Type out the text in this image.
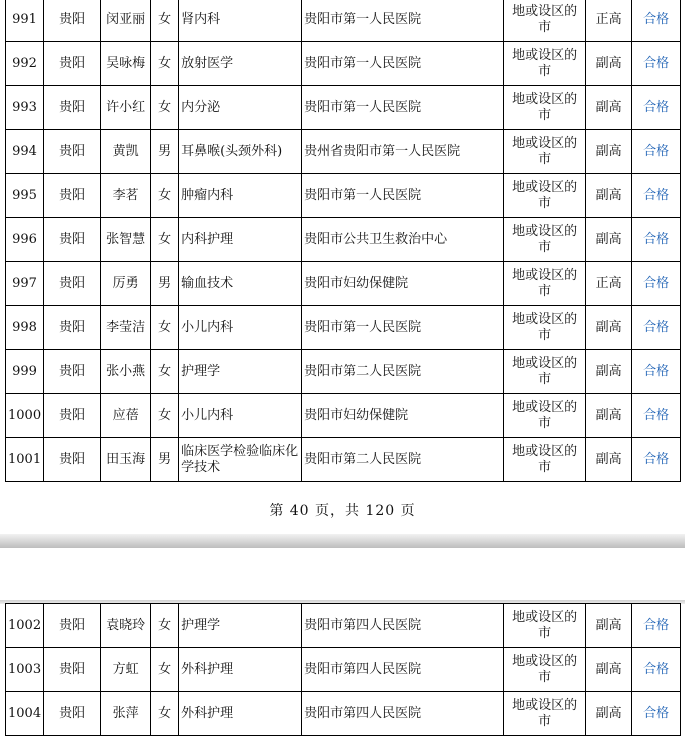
991	贵阳	闵亚丽	女	肾内科	贵阳市第一人民医院	地或设区的市	正高	合格
992	贵阳	吴咏梅	女	放射医学	贵阳市第一人民医院	地或设区的市	副高	合格
993	贵阳	许小红	女	内分泌	贵阳市第一人民医院	地或设区的市	副高	合格
994	贵阳	黄凯	男	耳鼻喉(头颈外科)	贵州省贵阳市第一人民医院	地或设区的市	副高	合格
995	贵阳	李茗	女	肿瘤内科	贵阳市第一人民医院	地或设区的市	副高	合格
996	贵阳	张智慧	女	内科护理	贵阳市公共卫生救治中心	地或设区的市	副高	合格
997	贵阳	厉勇	男	输血技术	贵阳市妇幼保健院	地或设区的市	正高	合格
998	贵阳	李莹洁	女	小儿内科	贵阳市第一人民医院	地或设区的市	副高	合格
999	贵阳	张小燕	女	护理学	贵阳市第二人民医院	地或设区的市	副高	合格
1000	贵阳	应蓓	女	小儿内科	贵阳市妇幼保健院	地或设区的市	副高	合格
1001	贵阳	田玉海	男	临床医学检验临床化学技术	贵阳市第二人民医院	地或设区的市	副高	合格
第 40 页，共 120 页
1002	贵阳	袁晓玲	女	护理学	贵阳市第四人民医院	地或设区的市	副高	合格
1003	贵阳	方虹	女	外科护理	贵阳市第四人民医院	地或设区的市	副高	合格
1004	贵阳	张萍	女	外科护理	贵阳市第四人民医院	地或设区的市	副高	合格
